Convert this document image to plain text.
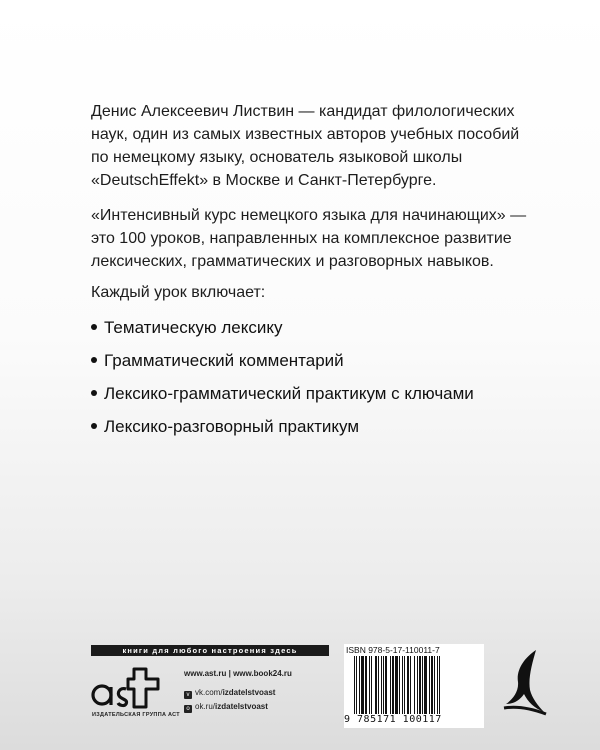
Денис Алексеевич Листвин — кандидат филологических наук, один из самых известных авторов учебных пособий по немецкому языку, основатель языковой школы «DeutschEffekt» в Москве и Санкт-Петербурге.

«Интенсивный курс немецкого языка для начинающих» — это 100 уроков, направленных на комплексное развитие лексических, грамматических и разговорных навыков.

Каждый урок включает:

Тематическую лексику
Грамматический комментарий
Лексико-грамматический практикум с ключами
Лексико-разговорный практикум
книги для любого настроения здесь
ИЗДАТЕЛЬСКАЯ ГРУППА АСТ
www.ast.ru | www.book24.ru
v vk.com/izdatelstvoast
o ok.ru/izdatelstvoast
ISBN 978-5-17-110011-7
9 785171 100117
